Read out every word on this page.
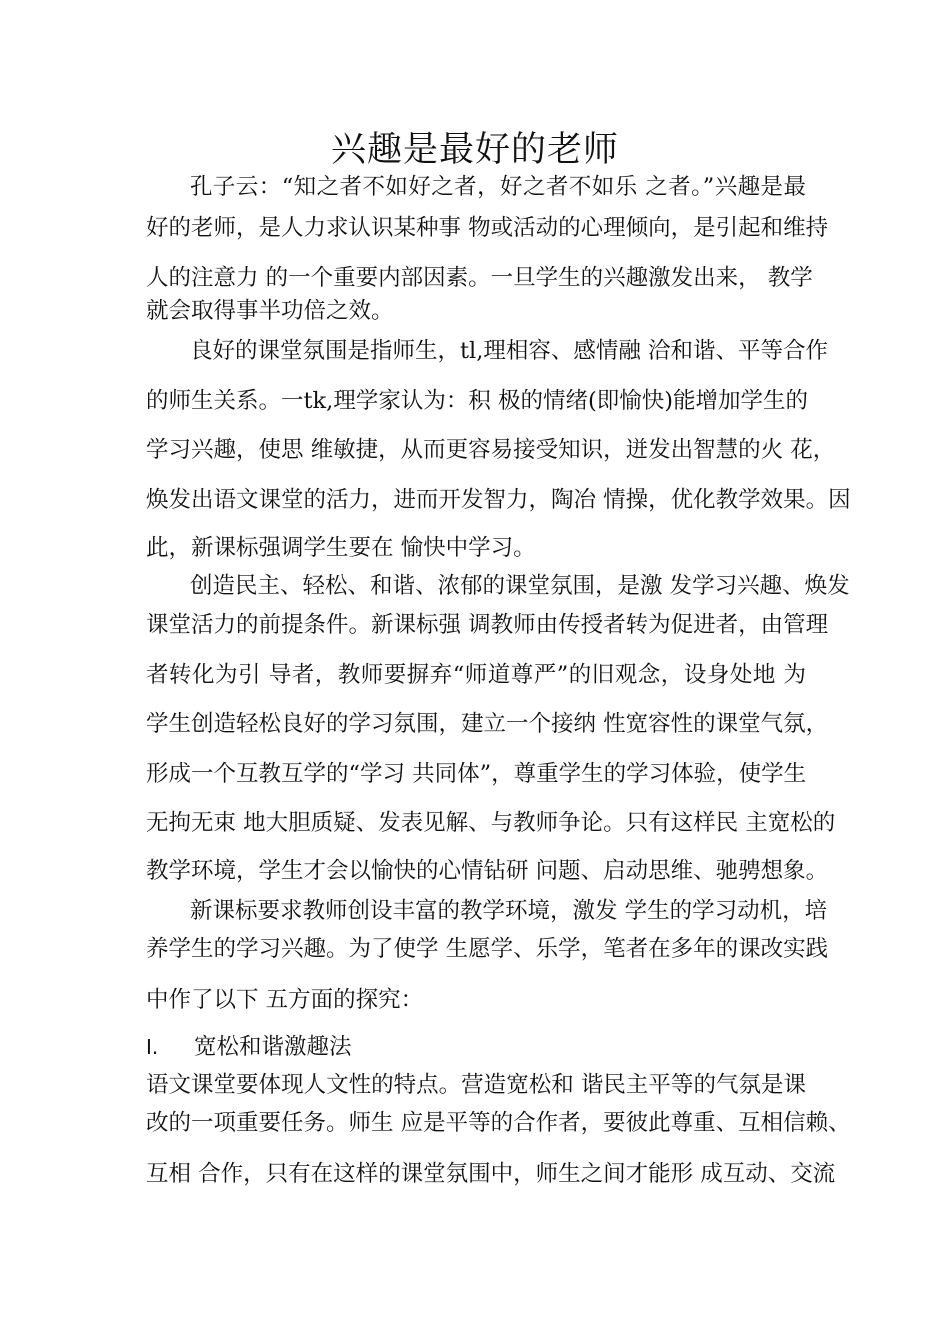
兴趣是最好的老师
孔子云：“知之者不如好之者，好之者不如乐 之者。”兴趣是最
好的老师，是人力求认识某种事 物或活动的心理倾向，是引起和维持
人的注意力 的一个重要内部因素。一旦学生的兴趣激发出来， 教学
就会取得事半功倍之效。
良好的课堂氛围是指师生，tl,理相容、感情融 洽和谐、平等合作
的师生关系。一tk,理学家认为：积 极的情绪(即愉快)能增加学生的
学习兴趣，使思 维敏捷，从而更容易接受知识，迸发出智慧的火 花，
焕发出语文课堂的活力，进而开发智力，陶冶 情操，优化教学效果。因
此，新课标强调学生要在 愉快中学习。
创造民主、轻松、和谐、浓郁的课堂氛围，是激 发学习兴趣、焕发
课堂活力的前提条件。新课标强 调教师由传授者转为促进者，由管理
者转化为引 导者，教师要摒弃“师道尊严”的旧观念，设身处地 为
学生创造轻松良好的学习氛围，建立一个接纳 性宽容性的课堂气氛，
形成一个互教互学的“学习 共同体”，尊重学生的学习体验，使学生
无拘无束 地大胆质疑、发表见解、与教师争论。只有这样民 主宽松的
教学环境，学生才会以愉快的心情钻研 问题、启动思维、驰骋想象。
新课标要求教师创设丰富的教学环境，激发 学生的学习动机，培
养学生的学习兴趣。为了使学 生愿学、乐学，笔者在多年的课改实践
中作了以下 五方面的探究：
I. 宽松和谐激趣法
语文课堂要体现人文性的特点。营造宽松和 谐民主平等的气氛是课
改的一项重要任务。师生 应是平等的合作者，要彼此尊重、互相信赖、
互相 合作，只有在这样的课堂氛围中，师生之间才能形 成互动、交流
